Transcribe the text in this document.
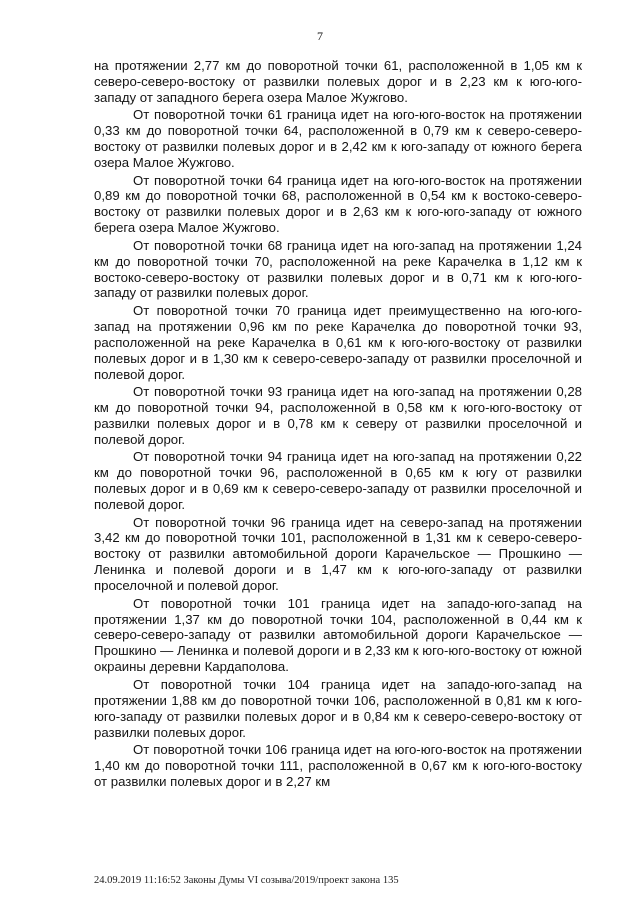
7

на протяжении 2,77 км до поворотной точки 61, расположенной в 1,05 км к северо-северо-востоку от развилки полевых дорог и в 2,23 км к юго-юго-западу от западного берега озера Малое Жужгово.

От поворотной точки 61 граница идет на юго-юго-восток на протяжении 0,33 км до поворотной точки 64, расположенной в 0,79 км к северо-северо-востоку от развилки полевых дорог и в 2,42 км к юго-западу от южного берега озера Малое Жужгово.

От поворотной точки 64 граница идет на юго-юго-восток на протяжении 0,89 км до поворотной точки 68, расположенной в 0,54 км к востоко-северо-востоку от развилки полевых дорог и в 2,63 км к юго-юго-западу от южного берега озера Малое Жужгово.

От поворотной точки 68 граница идет на юго-запад на протяжении 1,24 км до поворотной точки 70, расположенной на реке Карачелка в 1,12 км к востоко-северо-востоку от развилки полевых дорог и в 0,71 км к юго-юго-западу от развилки полевых дорог.

От поворотной точки 70 граница идет преимущественно на юго-юго-запад на протяжении 0,96 км по реке Карачелка до поворотной точки 93, расположенной на реке Карачелка в 0,61 км к юго-юго-востоку от развилки полевых дорог и в 1,30 км к северо-северо-западу от развилки проселочной и полевой дорог.

От поворотной точки 93 граница идет на юго-запад на протяжении 0,28 км до поворотной точки 94, расположенной в 0,58 км к юго-юго-востоку от развилки полевых дорог и в 0,78 км к северу от развилки проселочной и полевой дорог.

От поворотной точки 94 граница идет на юго-запад на протяжении 0,22 км до поворотной точки 96, расположенной в 0,65 км к югу от развилки полевых дорог и в 0,69 км к северо-северо-западу от развилки проселочной и полевой дорог.

От поворотной точки 96 граница идет на северо-запад на протяжении 3,42 км до поворотной точки 101, расположенной в 1,31 км к северо-северо-востоку от развилки автомобильной дороги Карачельское — Прошкино — Ленинка и полевой дороги и в 1,47 км к юго-юго-западу от развилки проселочной и полевой дорог.

От поворотной точки 101 граница идет на западо-юго-запад на протяжении 1,37 км до поворотной точки 104, расположенной в 0,44 км к северо-северо-западу от развилки автомобильной дороги Карачельское — Прошкино — Ленинка и полевой дороги и в 2,33 км к юго-юго-востоку от южной окраины деревни Кардаполова.

От поворотной точки 104 граница идет на западо-юго-запад на протяжении 1,88 км до поворотной точки 106, расположенной в 0,81 км к юго-юго-западу от развилки полевых дорог и в 0,84 км к северо-северо-востоку от развилки полевых дорог.

От поворотной точки 106 граница идет на юго-юго-восток на протяжении 1,40 км до поворотной точки 111, расположенной в 0,67 км к юго-юго-востоку от развилки полевых дорог и в 2,27 км

24.09.2019 11:16:52 Законы Думы VI созыва/2019/проект закона 135
